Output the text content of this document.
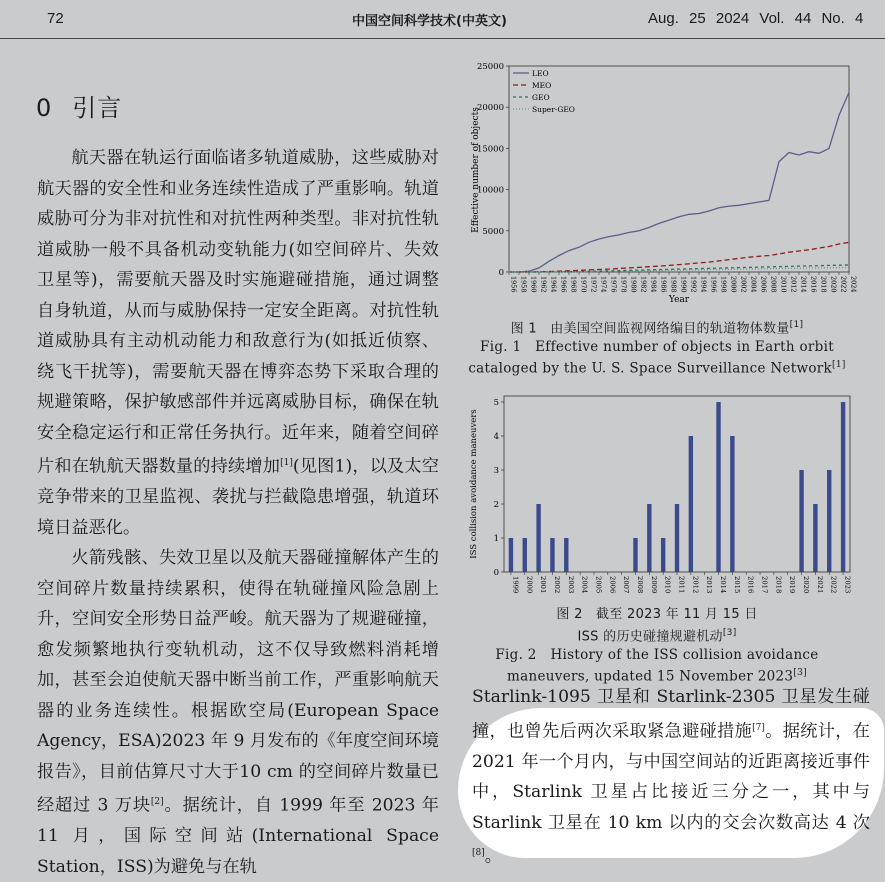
72	中国空间科学技术(中英文)	Aug. 25 2024 Vol. 44 No. 4
0 引言

航天器在轨运行面临诸多轨道威胁，这些威胁对航天器的安全性和业务连续性造成了严重影响。轨道威胁可分为非对抗性和对抗性两种类型。非对抗性轨道威胁一般不具备机动变轨能力(如空间碎片、失效卫星等)，需要航天器及时实施避碰措施，通过调整自身轨道，从而与威胁保持一定安全距离。对抗性轨道威胁具有主动机动能力和敌意行为(如抵近侦察、绕飞干扰等)，需要航天器在博弈态势下采取合理的规避策略，保护敏感部件并远离威胁目标，确保在轨安全稳定运行和正常任务执行。近年来，随着空间碎片和在轨航天器数量的持续增加[1](见图1)，以及太空竞争带来的卫星监视、袭扰与拦截隐患增强，轨道环境日益恶化。

火箭残骸、失效卫星以及航天器碰撞解体产生的空间碎片数量持续累积，使得在轨碰撞风险急剧上升，空间安全形势日益严峻。航天器为了规避碰撞，愈发频繁地执行变轨机动，这不仅导致燃料消耗增加，甚至会迫使航天器中断当前工作，严重影响航天器的业务连续性。根据欧空局(European Space Agency，ESA)2023 年 9 月发布的《年度空间环境报告》，目前估算尺寸大于10 cm 的空间碎片数量已经超过 3 万块[2]。据统计，自 1999 年至 2023 年 11 月，国际空间站(International Space Station，ISS)为避免与在轨

0
5000
10000
15000
20000
25000
1956 1958 1960 1962 1964 1966 1968 1970 1972 1974 1976 1978 1980 1982 1984 1986 1988 1990 1992 1994 1996 1998 2000 2002 2004 2006 2008 2010 2012 2014 2016 2018 2020 2022 2024
LEO
MEO
GEO
Super-GEO
Effective number of objects
Year
图 1　由美国空间监视网络编目的轨道物体数量[1]
Fig. 1　Effective number of objects in Earth orbit
cataloged by the U. S. Space Surveillance Network[1]
0
1
2
3
4
5
1999 2000 2001 2002 2003 2004 2005 2006 2007 2008 2009 2010 2011 2012 2013 2014 2015 2016 2017 2018 2019 2020 2021 2022 2023
ISS collision avoidance maneuvers
图 2　截至 2023 年 11 月 15 日
ISS 的历史碰撞规避机动[3]
Fig. 2　History of the ISS collision avoidance
maneuvers, updated 15 November 2023[3]

Starlink-1095 卫星和 Starlink-2305 卫星发生碰撞，也曾先后两次采取紧急避碰措施[7]。据统计，在 2021 年一个月内，与中国空间站的近距离接近事件中，Starlink 卫星占比接近三分之一，其中与 Starlink 卫星在 10 km 以内的交会次数高达 4 次[8]。
